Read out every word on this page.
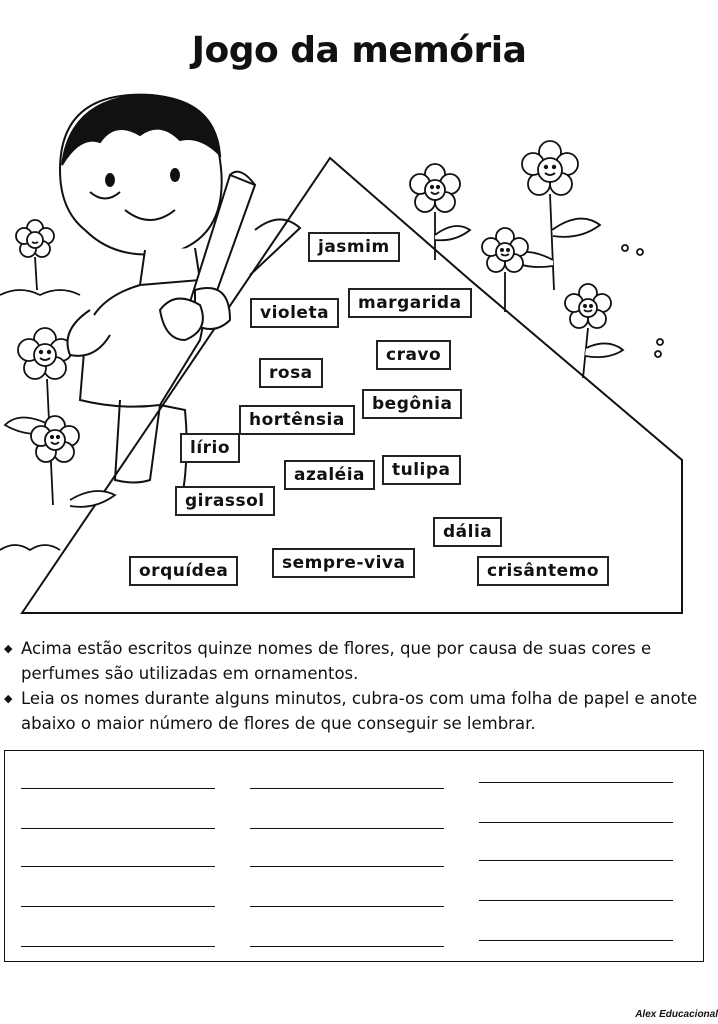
Jogo da memória
jasmim
margarida
violeta
cravo
rosa
begônia
hortênsia
lírio
tulipa
azaléia
girassol
dália
orquídea	sempre-viva	crisântemo
◆ Acima estão escritos quinze nomes de flores, que por causa de suas cores e perfumes são utilizadas em ornamentos.
◆ Leia os nomes durante alguns minutos, cubra-os com uma folha de papel e anote abaixo o maior número de flores de que conseguir se lembrar.
Alex Educacional
